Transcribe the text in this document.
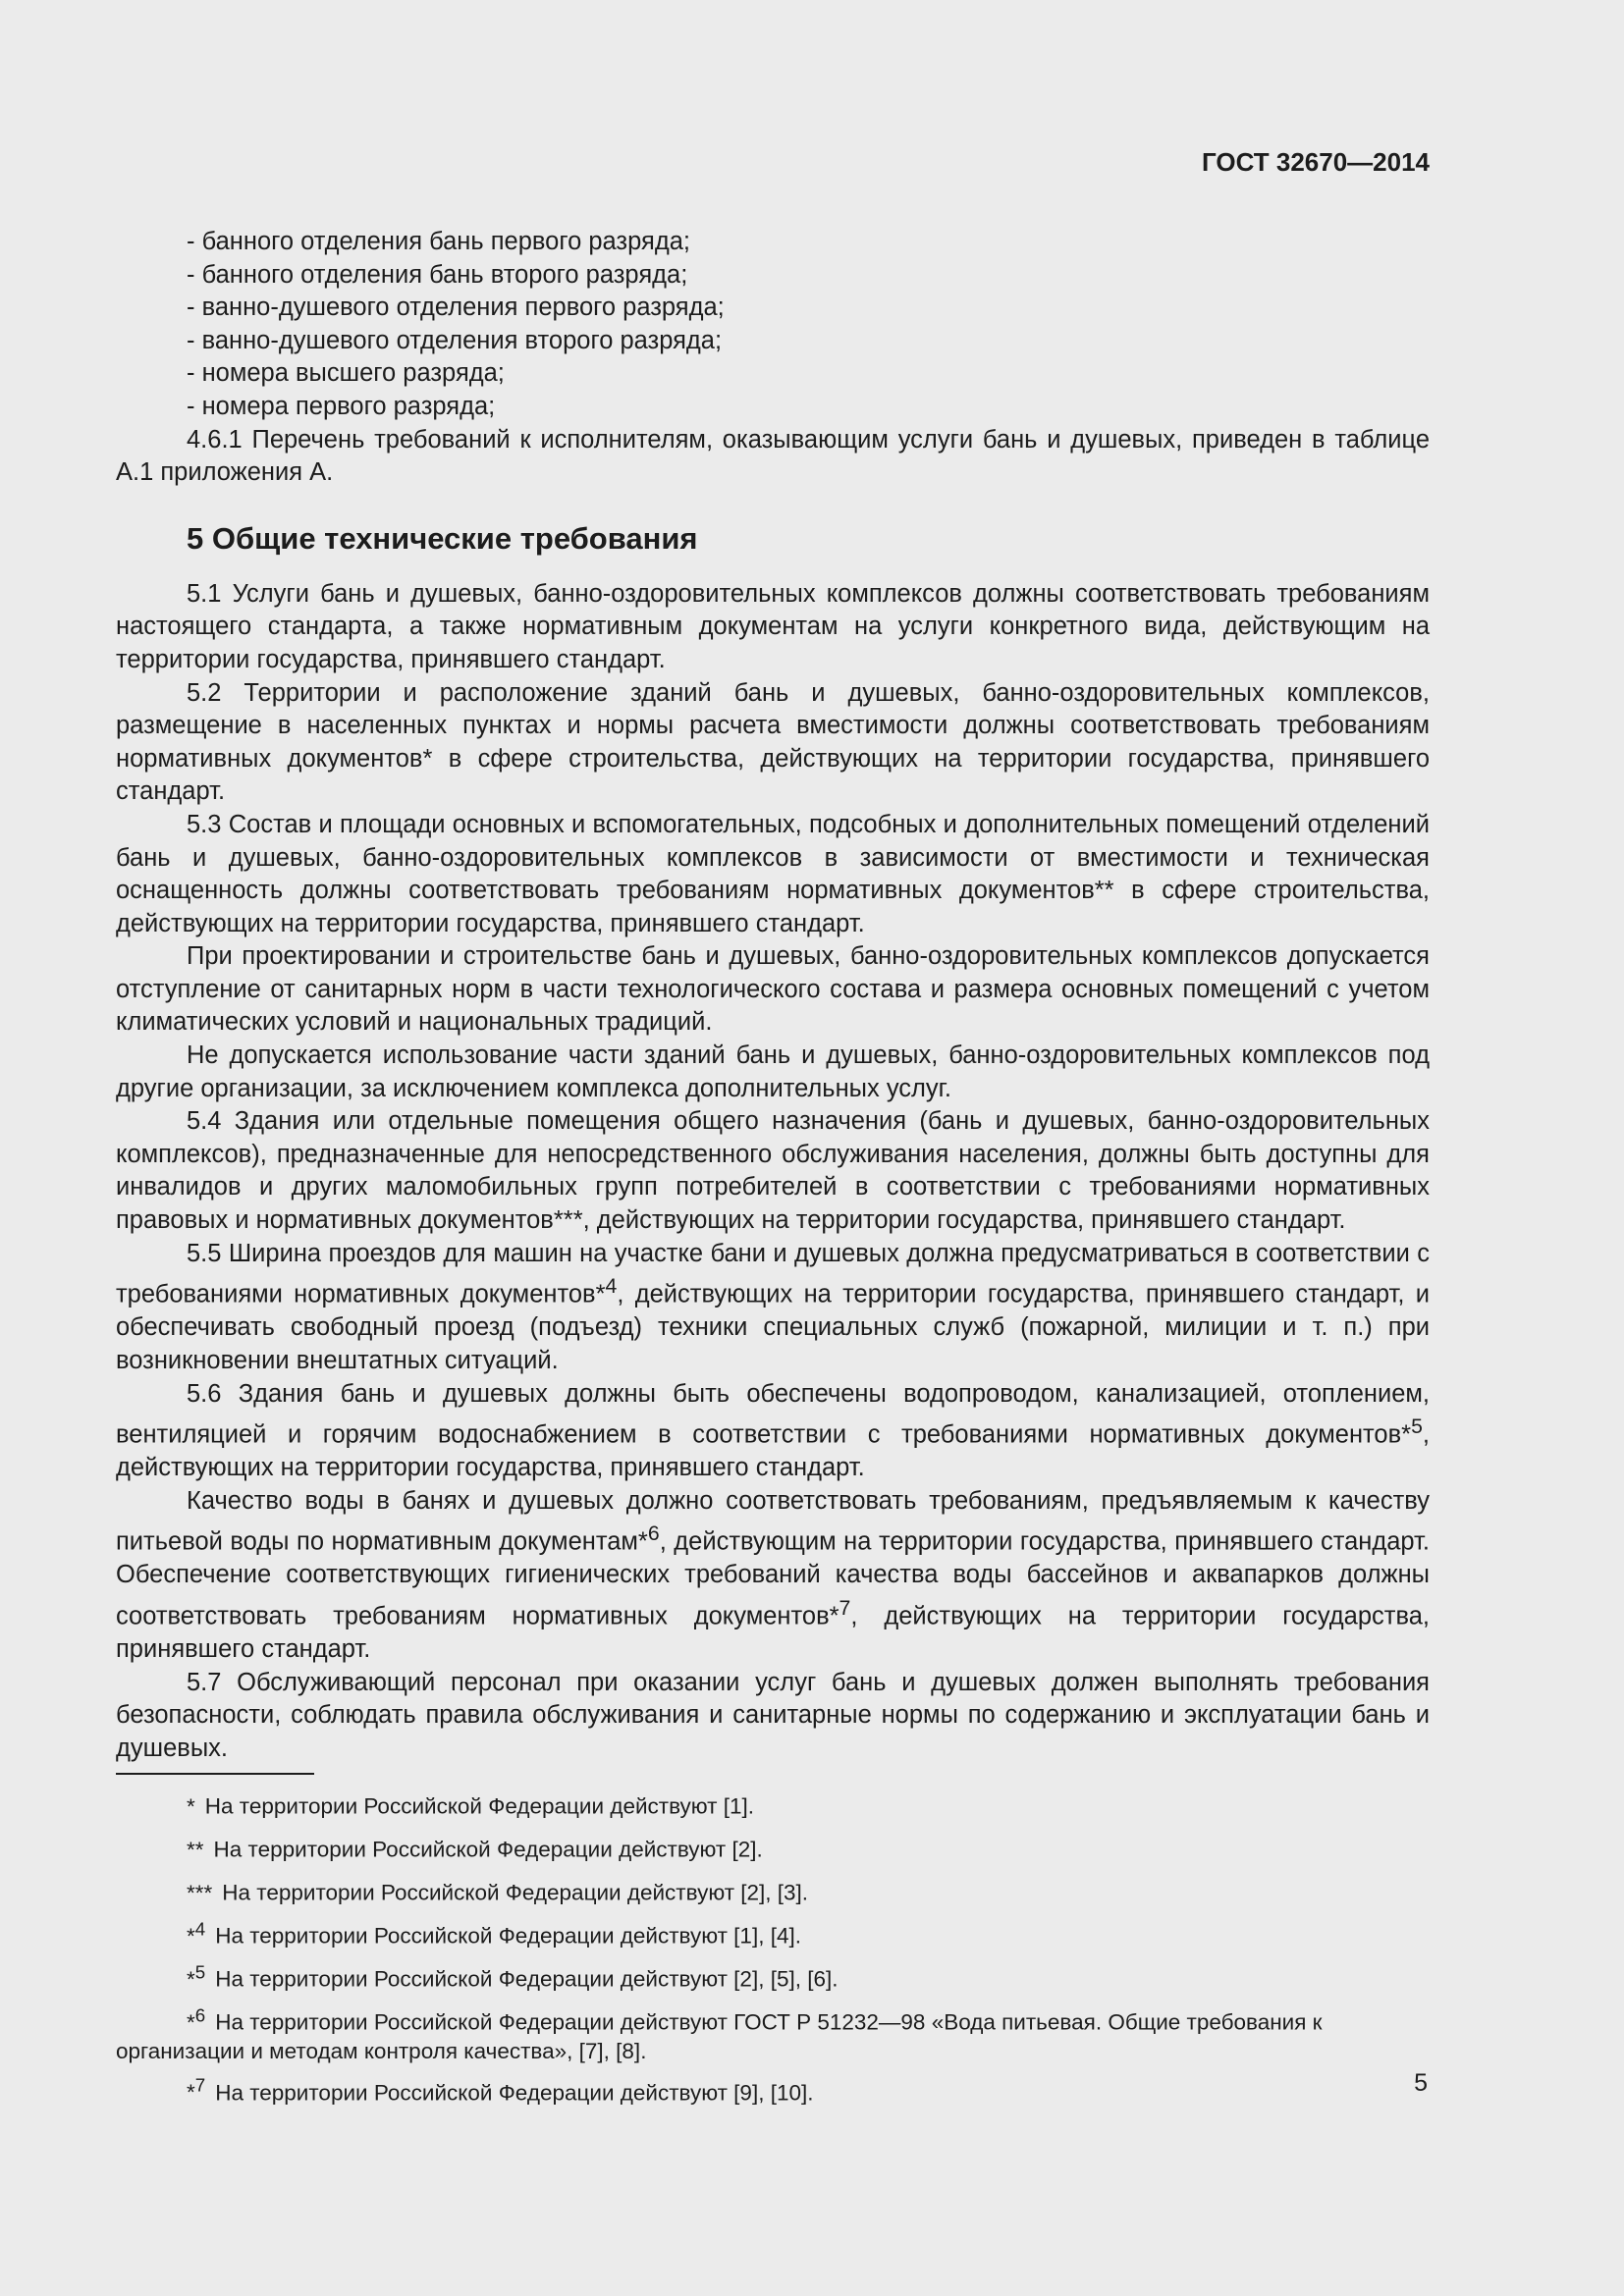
ГОСТ 32670—2014
- банного отделения бань первого разряда;
- банного отделения бань второго разряда;
- ванно-душевого отделения первого разряда;
- ванно-душевого отделения второго разряда;
- номера высшего разряда;
- номера первого разряда;
4.6.1 Перечень требований к исполнителям, оказывающим услуги бань и душевых, приведен в таблице А.1 приложения А.
5 Общие технические требования
5.1 Услуги бань и душевых, банно-оздоровительных комплексов должны соответствовать требованиям настоящего стандарта, а также нормативным документам на услуги конкретного вида, действующим на территории государства, принявшего стандарт.
5.2 Территории и расположение зданий бань и душевых, банно-оздоровительных комплексов, размещение в населенных пунктах и нормы расчета вместимости должны соответствовать требованиям нормативных документов* в сфере строительства, действующих на территории государства, принявшего стандарт.
5.3 Состав и площади основных и вспомогательных, подсобных и дополнительных помещений отделений бань и душевых, банно-оздоровительных комплексов в зависимости от вместимости и техническая оснащенность должны соответствовать требованиям нормативных документов** в сфере строительства, действующих на территории государства, принявшего стандарт.
При проектировании и строительстве бань и душевых, банно-оздоровительных комплексов допускается отступление от санитарных норм в части технологического состава и размера основных помещений с учетом климатических условий и национальных традиций.
Не допускается использование части зданий бань и душевых, банно-оздоровительных комплексов под другие организации, за исключением комплекса дополнительных услуг.
5.4 Здания или отдельные помещения общего назначения (бань и душевых, банно-оздоровительных комплексов), предназначенные для непосредственного обслуживания населения, должны быть доступны для инвалидов и других маломобильных групп потребителей в соответствии с требованиями нормативных правовых и нормативных документов***, действующих на территории государства, принявшего стандарт.
5.5 Ширина проездов для машин на участке бани и душевых должна предусматриваться в соответствии с требованиями нормативных документов*$^4$, действующих на территории государства, принявшего стандарт, и обеспечивать свободный проезд (подъезд) техники специальных служб (пожарной, милиции и т. п.) при возникновении внештатных ситуаций.
5.6 Здания бань и душевых должны быть обеспечены водопроводом, канализацией, отоплением, вентиляцией и горячим водоснабжением в соответствии с требованиями нормативных документов*$^5$, действующих на территории государства, принявшего стандарт.
Качество воды в банях и душевых должно соответствовать требованиям, предъявляемым к качеству питьевой воды по нормативным документам*$^6$, действующим на территории государства, принявшего стандарт. Обеспечение соответствующих гигиенических требований качества воды бассейнов и аквапарков должны соответствовать требованиям нормативных документов*$^7$, действующих на территории государства, принявшего стандарт.
5.7 Обслуживающий персонал при оказании услуг бань и душевых должен выполнять требования безопасности, соблюдать правила обслуживания и санитарные нормы по содержанию и эксплуатации бань и душевых.
* На территории Российской Федерации действуют [1].
** На территории Российской Федерации действуют [2].
*** На территории Российской Федерации действуют [2], [3].
*$^4$ На территории Российской Федерации действуют [1], [4].
*$^5$ На территории Российской Федерации действуют [2], [5], [6].
*$^6$ На территории Российской Федерации действуют ГОСТ Р 51232—98 «Вода питьевая. Общие требования к организации и методам контроля качества», [7], [8].
*$^7$ На территории Российской Федерации действуют [9], [10].	5
